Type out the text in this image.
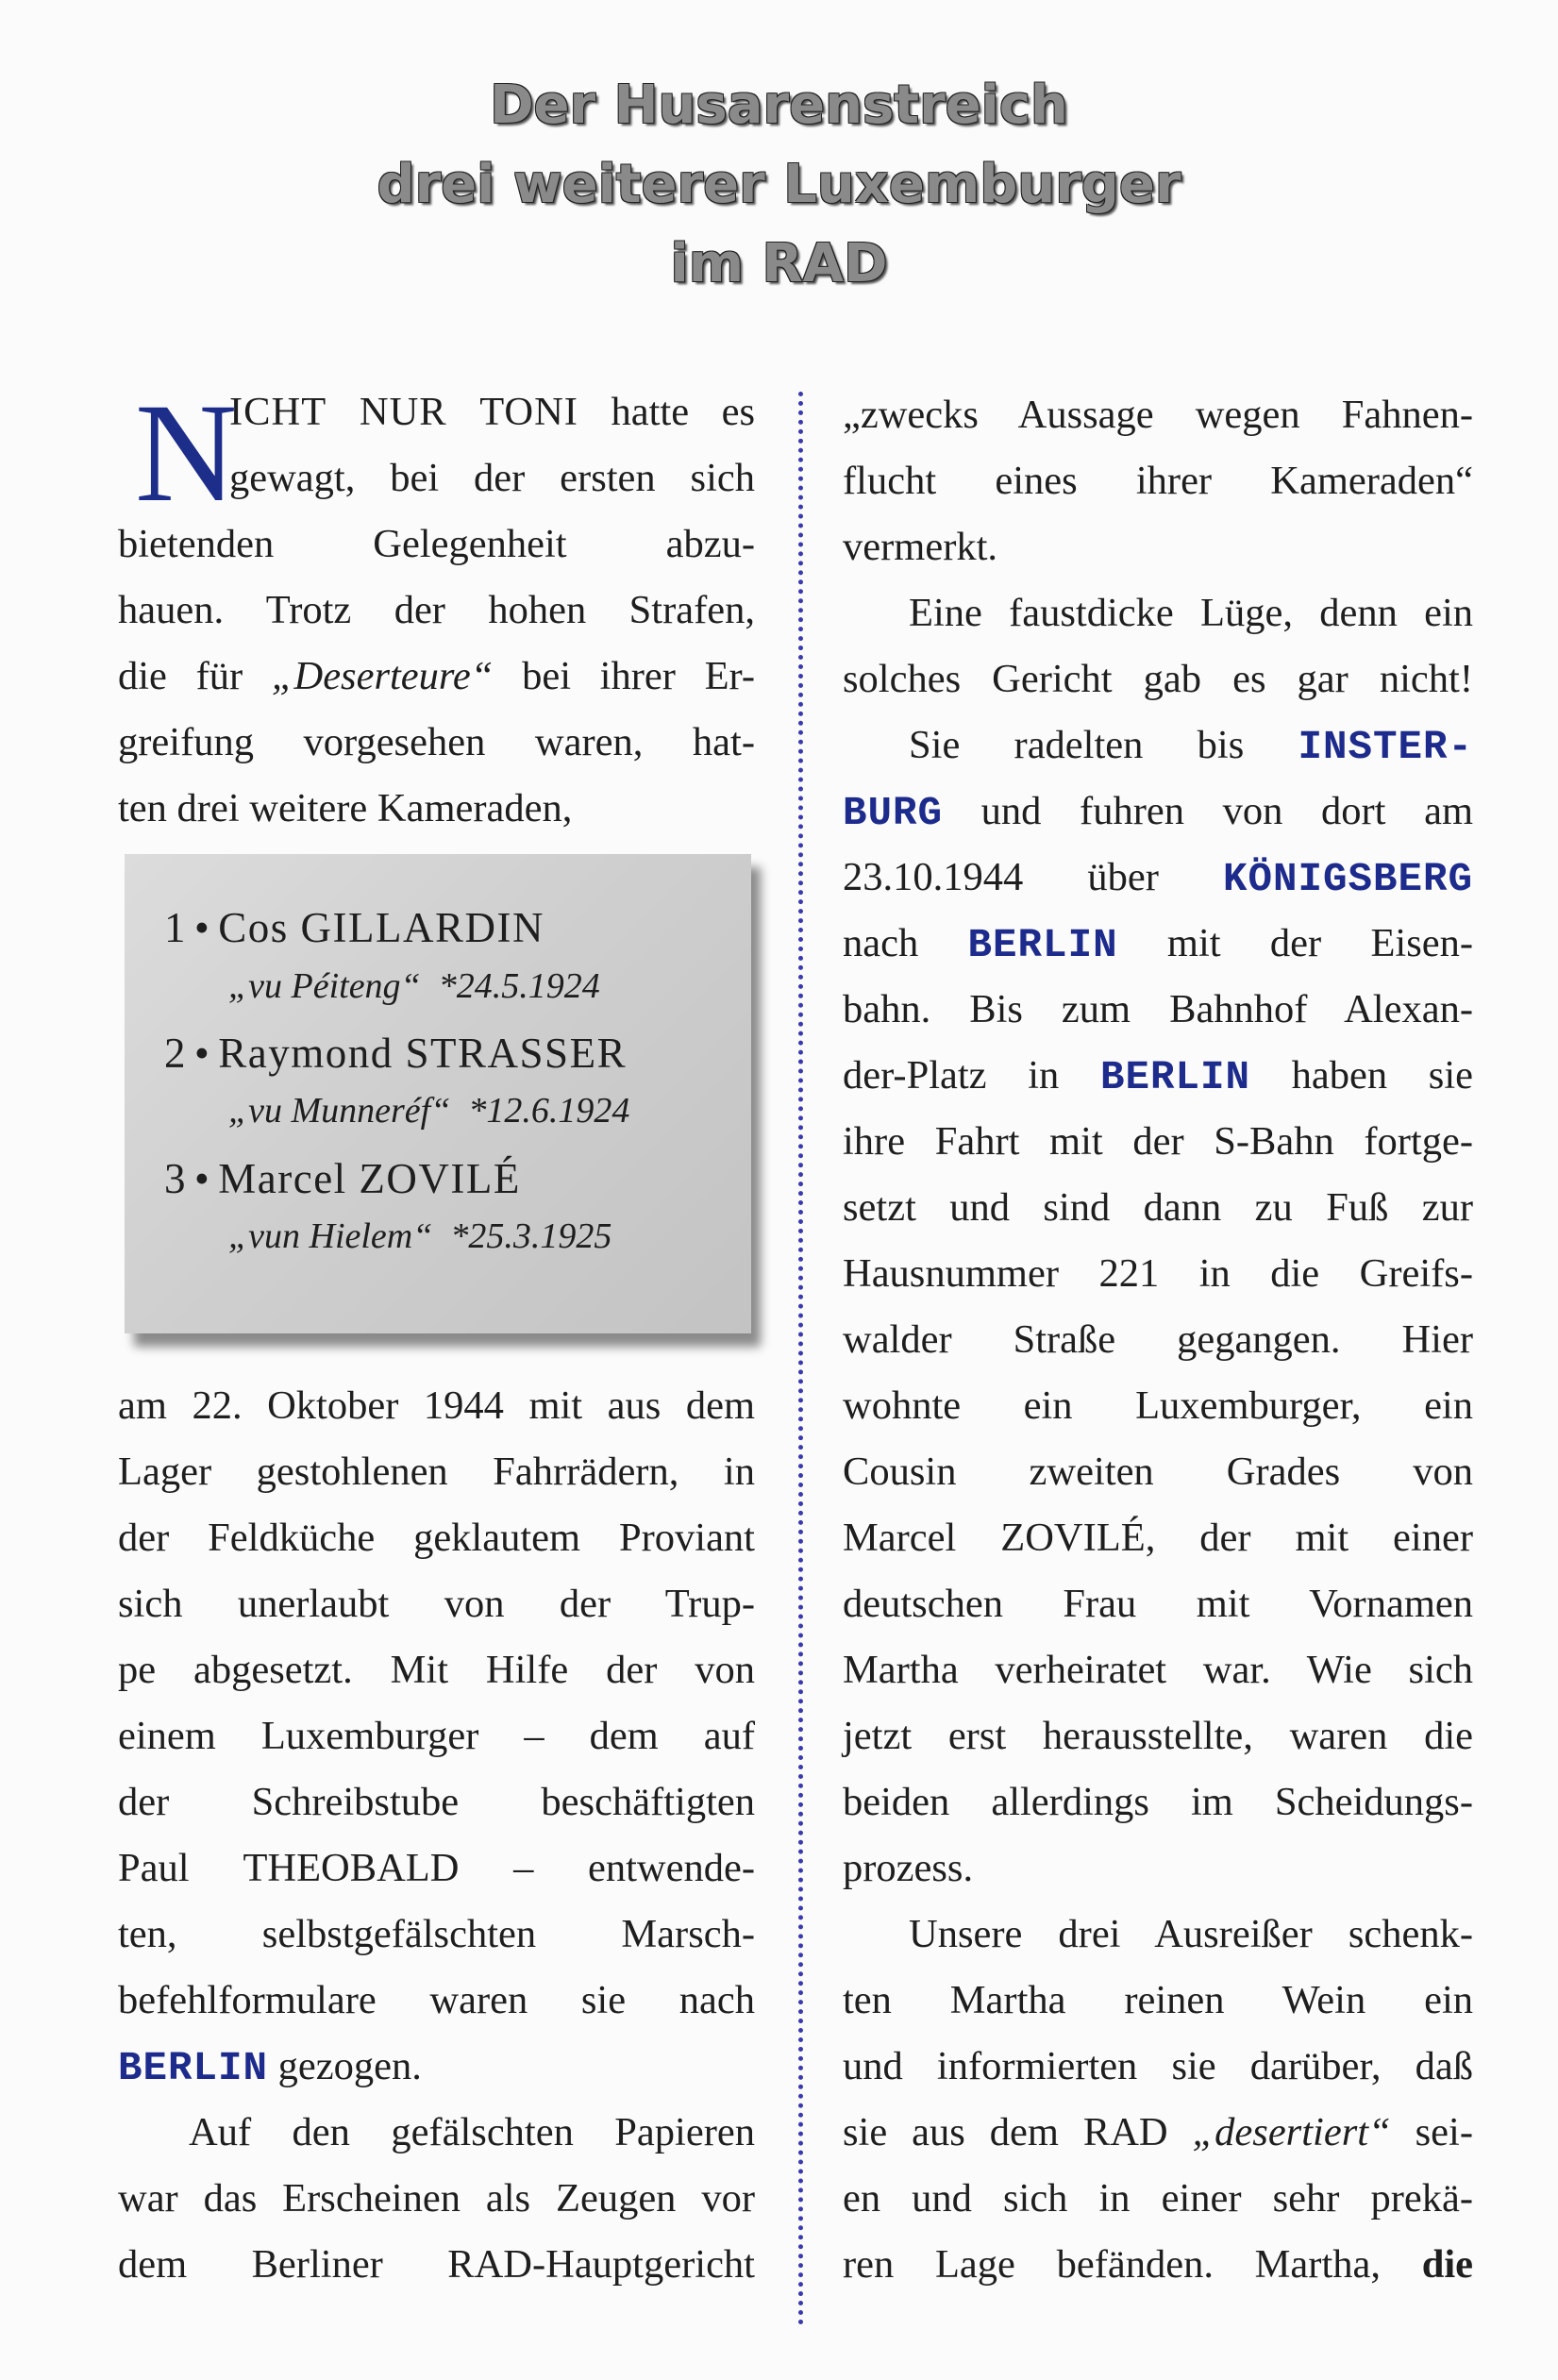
Der Husarenstreich
drei weiterer Luxemburger
im RAD
N
ICHT NUR TONI hatte es
gewagt, bei der ersten sich
bietenden Gelegenheit abzu-
hauen. Trotz der hohen Strafen,
die für „Deserteure“ bei ihrer Er-
greifung vorgesehen waren, hat-
ten drei weitere Kameraden,
1 • Cos GILLARDIN
„vu Péiteng“ *24.5.1924
2 • Raymond STRASSER
„vu Munneréf“ *12.6.1924
3 • Marcel ZOVILÉ
„vun Hielem“ *25.3.1925
am 22. Oktober 1944 mit aus dem
Lager gestohlenen Fahrrädern, in
der Feldküche geklautem Proviant
sich unerlaubt von der Trup-
pe abgesetzt. Mit Hilfe der von
einem Luxemburger – dem auf
der Schreibstube beschäftigten
Paul THEOBALD – entwende-
ten, selbstgefälschten Marsch-
befehlformulare waren sie nach
BERLIN gezogen.
Auf den gefälschten Papieren
war das Erscheinen als Zeugen vor
dem Berliner RAD-Hauptgericht
„zwecks Aussage wegen Fahnen-
flucht eines ihrer Kameraden“
vermerkt.
Eine faustdicke Lüge, denn ein
solches Gericht gab es gar nicht!
Sie radelten bis INSTER-
BURG und fuhren von dort am
23.10.1944 über KÖNIGSBERG
nach BERLIN mit der Eisen-
bahn. Bis zum Bahnhof Alexan-
der-Platz in BERLIN haben sie
ihre Fahrt mit der S-Bahn fortge-
setzt und sind dann zu Fuß zur
Hausnummer 221 in die Greifs-
walder Straße gegangen. Hier
wohnte ein Luxemburger, ein
Cousin zweiten Grades von
Marcel ZOVILÉ, der mit einer
deutschen Frau mit Vornamen
Martha verheiratet war. Wie sich
jetzt erst herausstellte, waren die
beiden allerdings im Scheidungs-
prozess.
Unsere drei Ausreißer schenk-
ten Martha reinen Wein ein
und informierten sie darüber, daß
sie aus dem RAD „desertiert“ sei-
en und sich in einer sehr prekä-
ren Lage befänden. Martha, die
